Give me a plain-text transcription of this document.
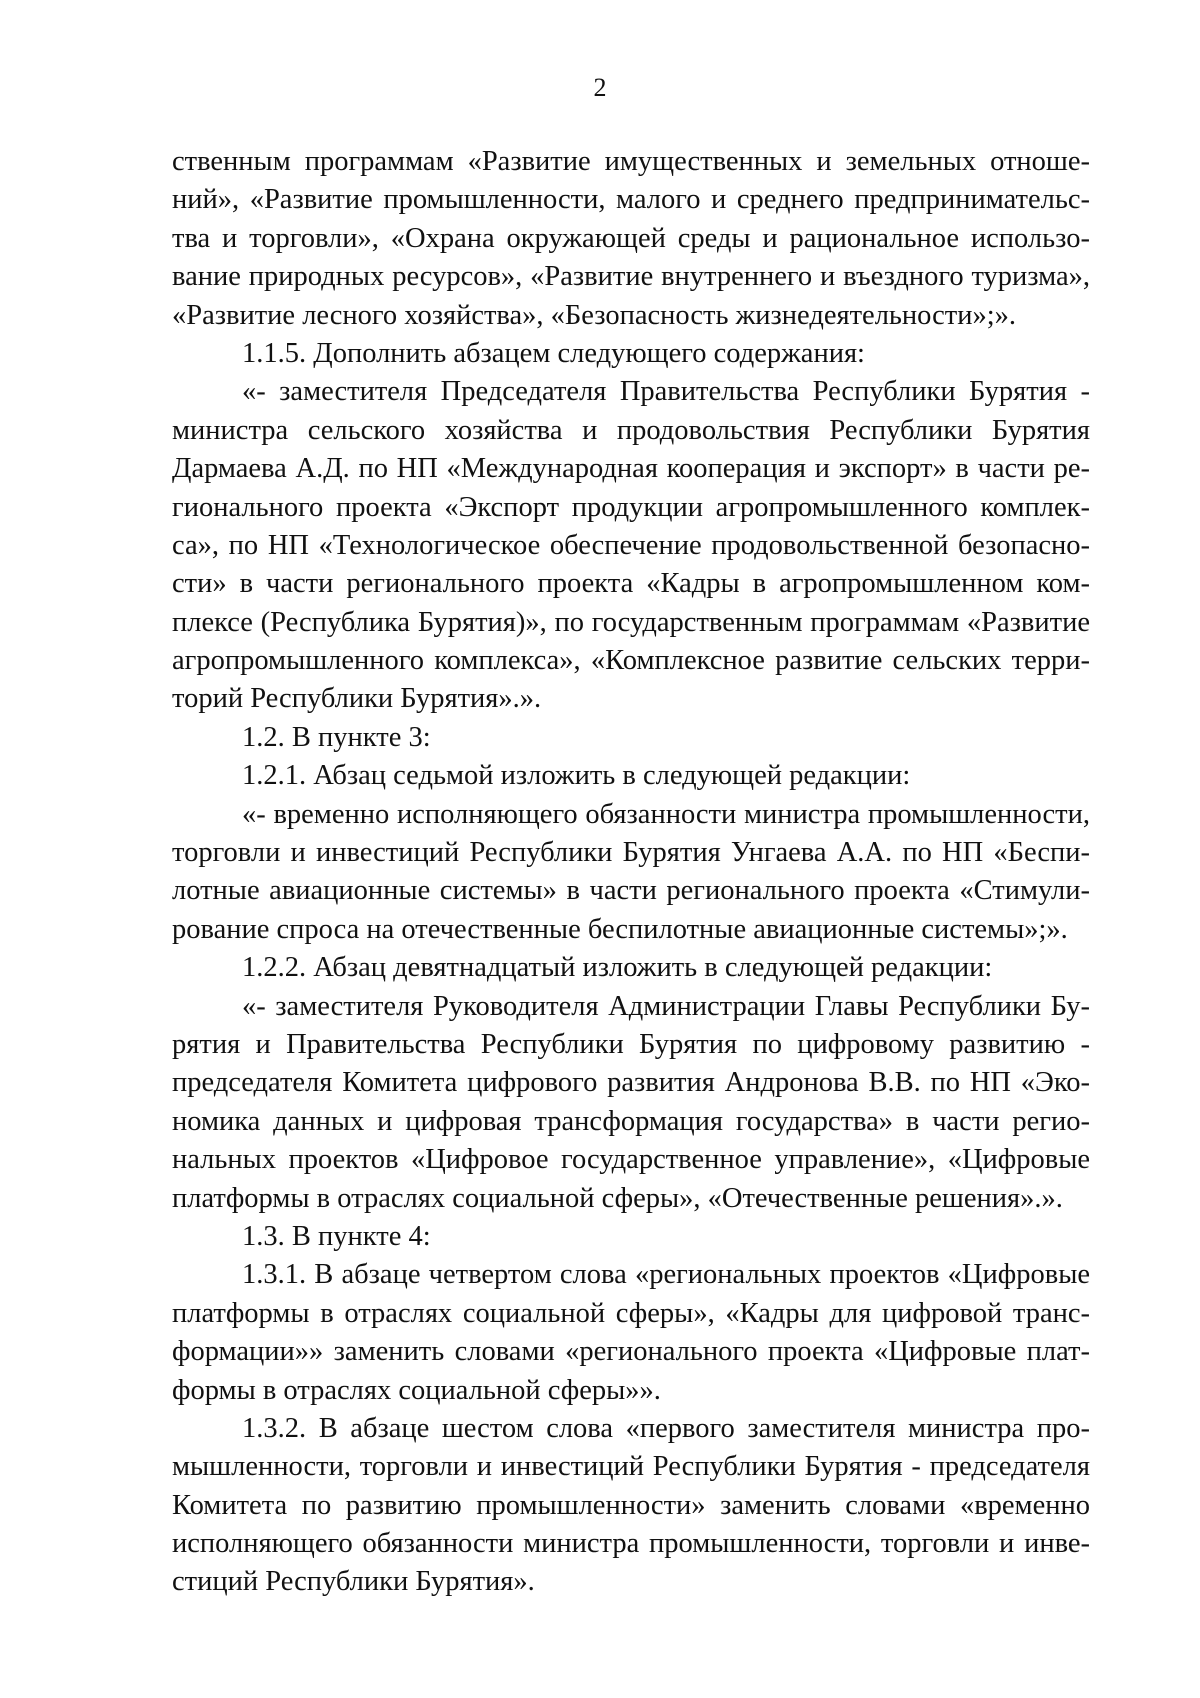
2
ственным программам «Развитие имущественных и земельных отноше-
ний», «Развитие промышленности, малого и среднего предпринимательс-
тва и торговли», «Охрана окружающей среды и рациональное использо-
вание природных ресурсов», «Развитие внутреннего и въездного туризма»,
«Развитие лесного хозяйства», «Безопасность жизнедеятельности»;».
1.1.5. Дополнить абзацем следующего содержания:
«- заместителя Председателя Правительства Республики Бурятия -
министра сельского хозяйства и продовольствия Республики Бурятия
Дармаева А.Д. по НП «Международная кооперация и экспорт» в части ре-
гионального проекта «Экспорт продукции агропромышленного комплек-
са», по НП «Технологическое обеспечение продовольственной безопасно-
сти» в части регионального проекта «Кадры в агропромышленном ком-
плексе (Республика Бурятия)», по государственным программам «Развитие
агропромышленного комплекса», «Комплексное развитие сельских терри-
торий Республики Бурятия».».
1.2. В пункте 3:
1.2.1. Абзац седьмой изложить в следующей редакции:
«- временно исполняющего обязанности министра промышленности,
торговли и инвестиций Республики Бурятия Унгаева А.А. по НП «Беспи-
лотные авиационные системы» в части регионального проекта «Стимули-
рование спроса на отечественные беспилотные авиационные системы»;».
1.2.2. Абзац девятнадцатый изложить в следующей редакции:
«- заместителя Руководителя Администрации Главы Республики Бу-
рятия и Правительства Республики Бурятия по цифровому развитию -
председателя Комитета цифрового развития Андронова В.В. по НП «Эко-
номика данных и цифровая трансформация государства» в части регио-
нальных проектов «Цифровое государственное управление», «Цифровые
платформы в отраслях социальной сферы», «Отечественные решения».».
1.3. В пункте 4:
1.3.1. В абзаце четвертом слова «региональных проектов «Цифровые
платформы в отраслях социальной сферы», «Кадры для цифровой транс-
формации»» заменить словами «регионального проекта «Цифровые плат-
формы в отраслях социальной сферы»».
1.3.2. В абзаце шестом слова «первого заместителя министра про-
мышленности, торговли и инвестиций Республики Бурятия - председателя
Комитета по развитию промышленности» заменить словами «временно
исполняющего обязанности министра промышленности, торговли и инве-
стиций Республики Бурятия».
